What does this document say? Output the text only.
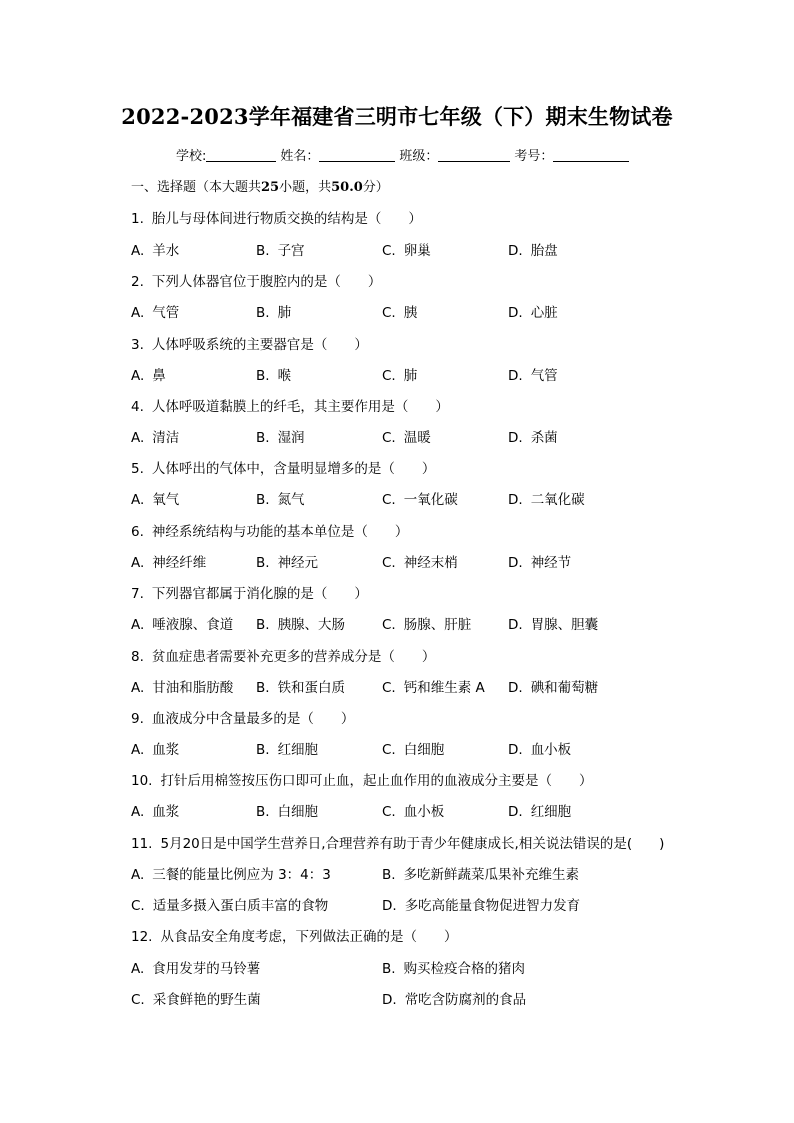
2022-2023学年福建省三明市七年级（下）期末生物试卷
学校:	姓名：	班级：	考号：
一、选择题（本大题共25小题，共50.0分）
1. 胎儿与母体间进行物质交换的结构是（　　）
A. 羊水	B. 子宫	C. 卵巢	D. 胎盘
2. 下列人体器官位于腹腔内的是（　　）
A. 气管	B. 肺	C. 胰	D. 心脏
3. 人体呼吸系统的主要器官是（　　）
A. 鼻	B. 喉	C. 肺	D. 气管
4. 人体呼吸道黏膜上的纤毛，其主要作用是（　　）
A. 清洁	B. 湿润	C. 温暖	D. 杀菌
5. 人体呼出的气体中，含量明显增多的是（　　）
A. 氧气	B. 氮气	C. 一氧化碳	D. 二氧化碳
6. 神经系统结构与功能的基本单位是（　　）
A. 神经纤维	B. 神经元	C. 神经末梢	D. 神经节
7. 下列器官都属于消化腺的是（　　）
A. 唾液腺、食道 B. 胰腺、大肠	C. 肠腺、肝脏	D. 胃腺、胆囊
8. 贫血症患者需要补充更多的营养成分是（　　）
A. 甘油和脂肪酸 B. 铁和蛋白质	C. 钙和维生素 A D. 碘和葡萄糖
9. 血液成分中含量最多的是（　　）
A. 血浆	B. 红细胞	C. 白细胞	D. 血小板
10. 打针后用棉签按压伤口即可止血，起止血作用的血液成分主要是（　　）
A. 血浆	B. 白细胞	C. 血小板	D. 红细胞
11. 5月20日是中国学生营养日,合理营养有助于青少年健康成长,相关说法错误的是(　　)
A. 三餐的能量比例应为 3：4：3	B. 多吃新鲜蔬菜瓜果补充维生素
C. 适量多摄入蛋白质丰富的食物	D. 多吃高能量食物促进智力发育
12. 从食品安全角度考虑，下列做法正确的是（　　）
A. 食用发芽的马铃薯	B. 购买检疫合格的猪肉
C. 采食鲜艳的野生菌	D. 常吃含防腐剂的食品
